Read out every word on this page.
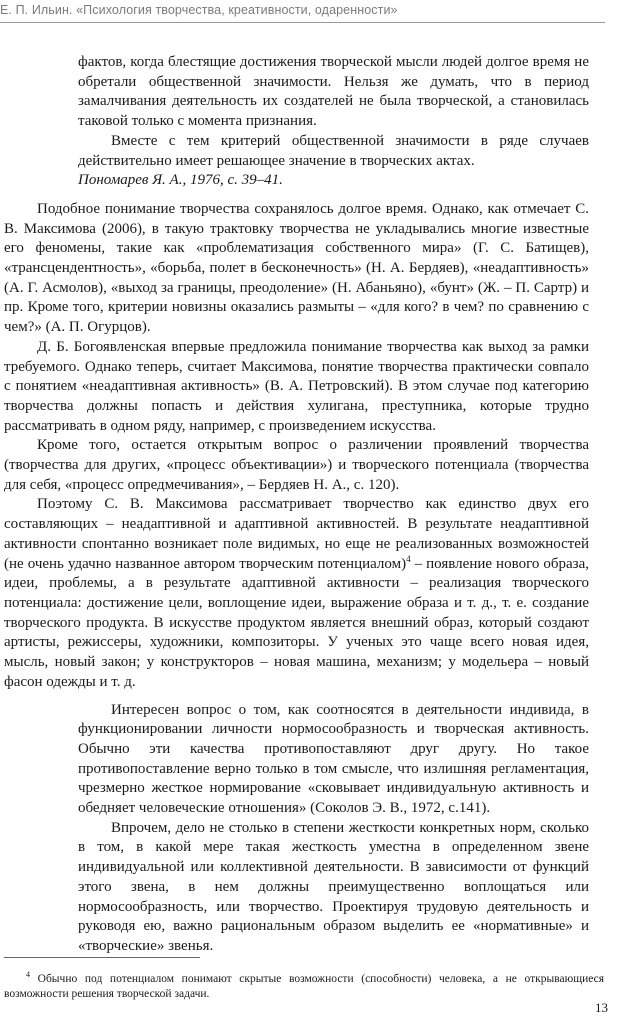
Е. П. Ильин. «Психология творчества, креативности, одаренности»

фактов, когда блестящие достижения творческой мысли людей долгое время не обретали общественной значимости. Нельзя же думать, что в период замалчивания деятельность их создателей не была творческой, а становилась таковой только с момента признания.

Вместе с тем критерий общественной значимости в ряде случаев действительно имеет решающее значение в творческих актах.

Пономарев Я. А., 1976, с. 39–41.

Подобное понимание творчества сохранялось долгое время. Однако, как отмечает С. В. Максимова (2006), в такую трактовку творчества не укладывались многие известные его феномены, такие как «проблематизация собственного мира» (Г. С. Батищев), «трансцендентность», «борьба, полет в бесконечность» (Н. А. Бердяев), «неадаптивность» (А. Г. Асмолов), «выход за границы, преодоление» (Н. Абаньяно), «бунт» (Ж. – П. Сартр) и пр. Кроме того, критерии новизны оказались размыты – «для кого? в чем? по сравнению с чем?» (А. П. Огурцов).

Д. Б. Богоявленская впервые предложила понимание творчества как выход за рамки требуемого. Однако теперь, считает Максимова, понятие творчества практически совпало с понятием «неадаптивная активность» (В. А. Петровский). В этом случае под категорию творчества должны попасть и действия хулигана, преступника, которые трудно рассматривать в одном ряду, например, с произведением искусства.

Кроме того, остается открытым вопрос о различении проявлений творчества (творчества для других, «процесс объективации») и творческого потенциала (творчества для себя, «процесс опредмечивания», – Бердяев Н. А., с. 120).

Поэтому С. В. Максимова рассматривает творчество как единство двух его составляющих – неадаптивной и адаптивной активностей. В результате неадаптивной активности спонтанно возникает поле видимых, но еще не реализованных возможностей (не очень удачно названное автором творческим потенциалом)$^4$ – появление нового образа, идеи, проблемы, а в результате адаптивной активности – реализация творческого потенциала: достижение цели, воплощение идеи, выражение образа и т. д., т. е. создание творческого продукта. В искусстве продуктом является внешний образ, который создают артисты, режиссеры, художники, композиторы. У ученых это чаще всего новая идея, мысль, новый закон; у конструкторов – новая машина, механизм; у модельера – новый фасон одежды и т. д.

Интересен вопрос о том, как соотносятся в деятельности индивида, в функционировании личности нормосообразность и творческая активность. Обычно эти качества противопоставляют друг другу. Но такое противопоставление верно только в том смысле, что излишняя регламентация, чрезмерно жесткое нормирование «сковывает индивидуальную активность и обедняет человеческие отношения» (Соколов Э. В., 1972, с.141).

Впрочем, дело не столько в степени жесткости конкретных норм, сколько в том, в какой мере такая жесткость уместна в определенном звене индивидуальной или коллективной деятельности. В зависимости от функций этого звена, в нем должны преимущественно воплощаться или нормосообразность, или творчество. Проектируя трудовую деятельность и руководя ею, важно рациональным образом выделить ее «нормативные» и «творческие» звенья.

$^4$ Обычно под потенциалом понимают скрытые возможности (способности) человека, а не открывающиеся возможности решения творческой задачи.
13
